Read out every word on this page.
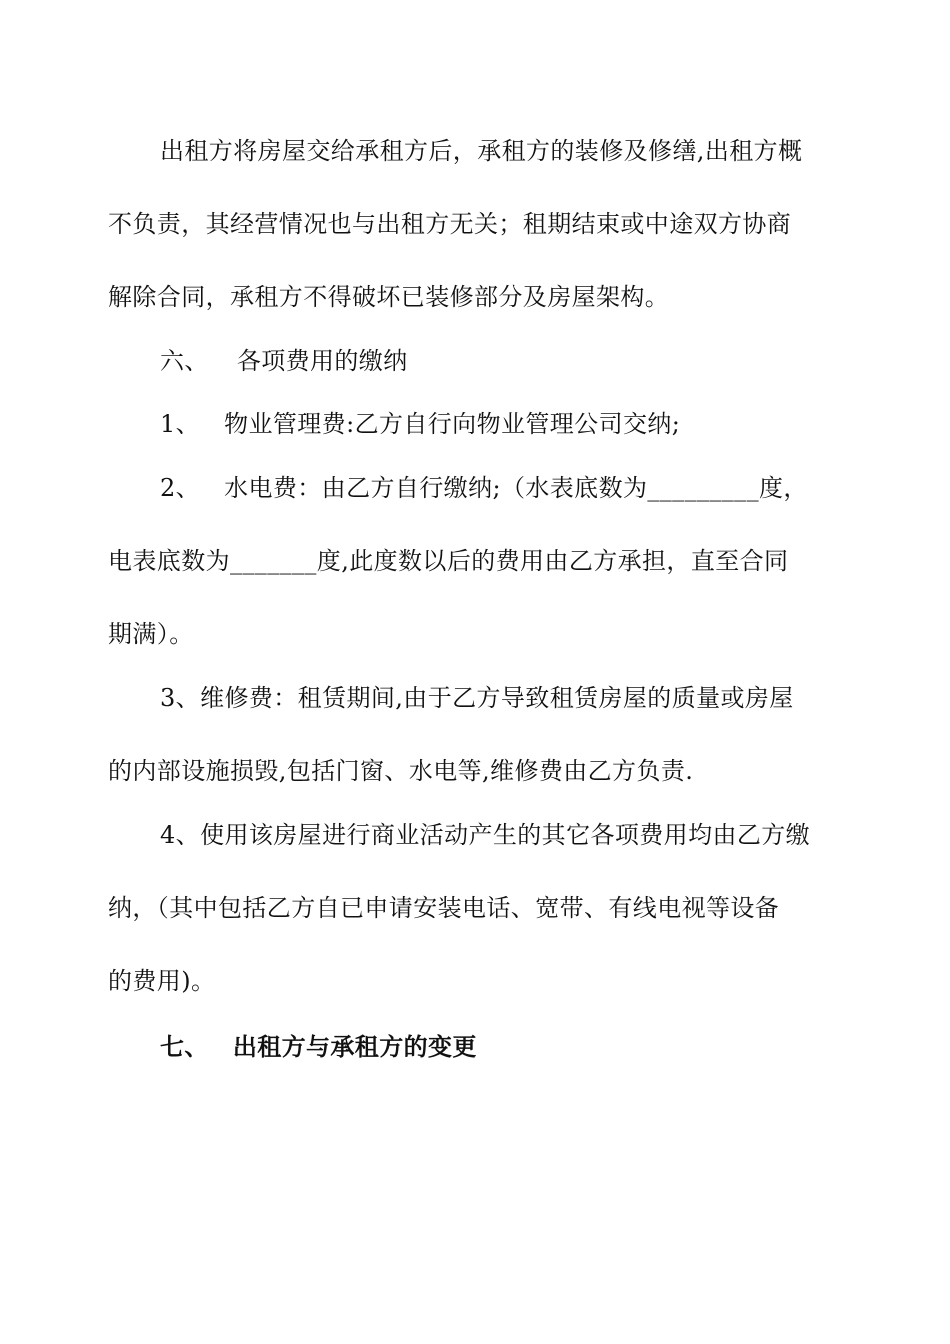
出租方将房屋交给承租方后，承租方的装修及修缮,出租方概
不负责，其经营情况也与出租方无关；租期结束或中途双方协商
解除合同，承租方不得破坏已装修部分及房屋架构。
六、 各项费用的缴纳
1、 物业管理费:乙方自行向物业管理公司交纳;
2、 水电费：由乙方自行缴纳;（水表底数为_________度，
电表底数为_______度,此度数以后的费用由乙方承担，直至合同
期满）。
3、维修费：租赁期间,由于乙方导致租赁房屋的质量或房屋
的内部设施损毁,包括门窗、水电等,维修费由乙方负责.
4、使用该房屋进行商业活动产生的其它各项费用均由乙方缴
纳，（其中包括乙方自已申请安装电话、宽带、有线电视等设备
的费用)。
七、 出租方与承租方的变更
